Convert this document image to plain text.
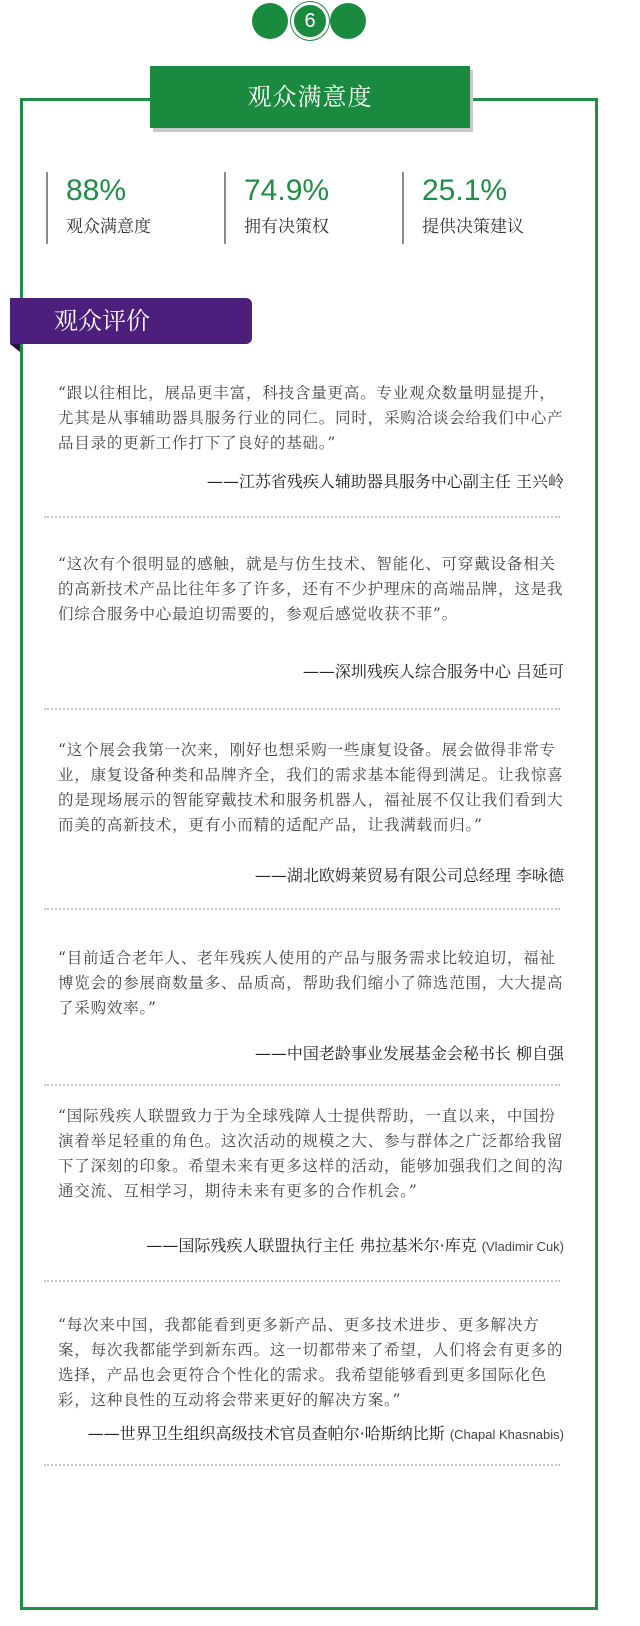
6
观众满意度
88%
观众满意度
74.9%
拥有决策权
25.1%
提供决策建议
观众评价
“跟以往相比，展品更丰富，科技含量更高。专业观众数量明显提升，尤其是从事辅助器具服务行业的同仁。同时，采购洽谈会给我们中心产品目录的更新工作打下了良好的基础。”
——江苏省残疾人辅助器具服务中心副主任 王兴岭
“这次有个很明显的感触，就是与仿生技术、智能化、可穿戴设备相关的高新技术产品比往年多了许多，还有不少护理床的高端品牌，这是我们综合服务中心最迫切需要的，参观后感觉收获不菲”。
——深圳残疾人综合服务中心 吕延可
“这个展会我第一次来，刚好也想采购一些康复设备。展会做得非常专业，康复设备种类和品牌齐全，我们的需求基本能得到满足。让我惊喜的是现场展示的智能穿戴技术和服务机器人，福祉展不仅让我们看到大而美的高新技术，更有小而精的适配产品，让我满载而归。”
——湖北欧姆莱贸易有限公司总经理 李咏德
“目前适合老年人、老年残疾人使用的产品与服务需求比较迫切，福祉博览会的参展商数量多、品质高，帮助我们缩小了筛选范围，大大提高了采购效率。”
——中国老龄事业发展基金会秘书长 柳自强
“国际残疾人联盟致力于为全球残障人士提供帮助，一直以来，中国扮演着举足轻重的角色。这次活动的规模之大、参与群体之广泛都给我留下了深刻的印象。希望未来有更多这样的活动，能够加强我们之间的沟通交流、互相学习，期待未来有更多的合作机会。”
——国际残疾人联盟执行主任 弗拉基米尔·库克 (Vladimir Cuk)
“每次来中国，我都能看到更多新产品、更多技术进步、更多解决方案，每次我都能学到新东西。这一切都带来了希望，人们将会有更多的选择，产品也会更符合个性化的需求。我希望能够看到更多国际化色彩，这种良性的互动将会带来更好的解决方案。”
——世界卫生组织高级技术官员查帕尔·哈斯纳比斯 (Chapal Khasnabis)
